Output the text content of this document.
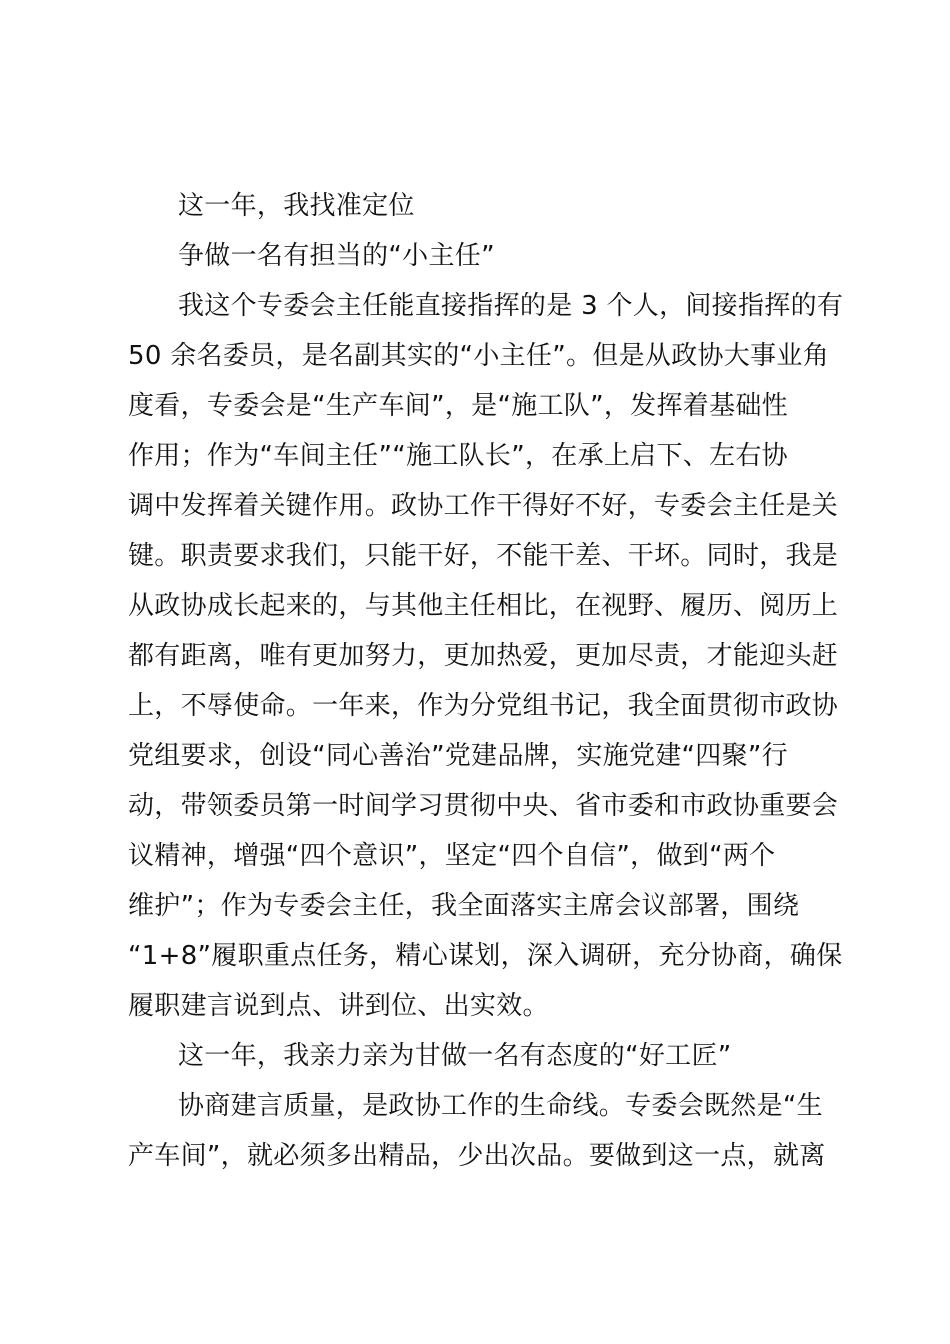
这一年，我找准定位
争做一名有担当的“小主任”
我这个专委会主任能直接指挥的是 3 个人，间接指挥的有
50 余名委员，是名副其实的“小主任”。但是从政协大事业角
度看，专委会是“生产车间”，是“施工队”，发挥着基础性
作用；作为“车间主任”“施工队长”，在承上启下、左右协
调中发挥着关键作用。政协工作干得好不好，专委会主任是关
键。职责要求我们，只能干好，不能干差、干坏。同时，我是
从政协成长起来的，与其他主任相比，在视野、履历、阅历上
都有距离，唯有更加努力，更加热爱，更加尽责，才能迎头赶
上，不辱使命。一年来，作为分党组书记，我全面贯彻市政协
党组要求，创设“同心善治”党建品牌，实施党建“四聚”行
动，带领委员第一时间学习贯彻中央、省市委和市政协重要会
议精神，增强“四个意识”，坚定“四个自信”，做到“两个
维护”；作为专委会主任，我全面落实主席会议部署，围绕
“1+8”履职重点任务，精心谋划，深入调研，充分协商，确保
履职建言说到点、讲到位、出实效。
这一年，我亲力亲为甘做一名有态度的“好工匠”
协商建言质量，是政协工作的生命线。专委会既然是“生
产车间”，就必须多出精品，少出次品。要做到这一点，就离
